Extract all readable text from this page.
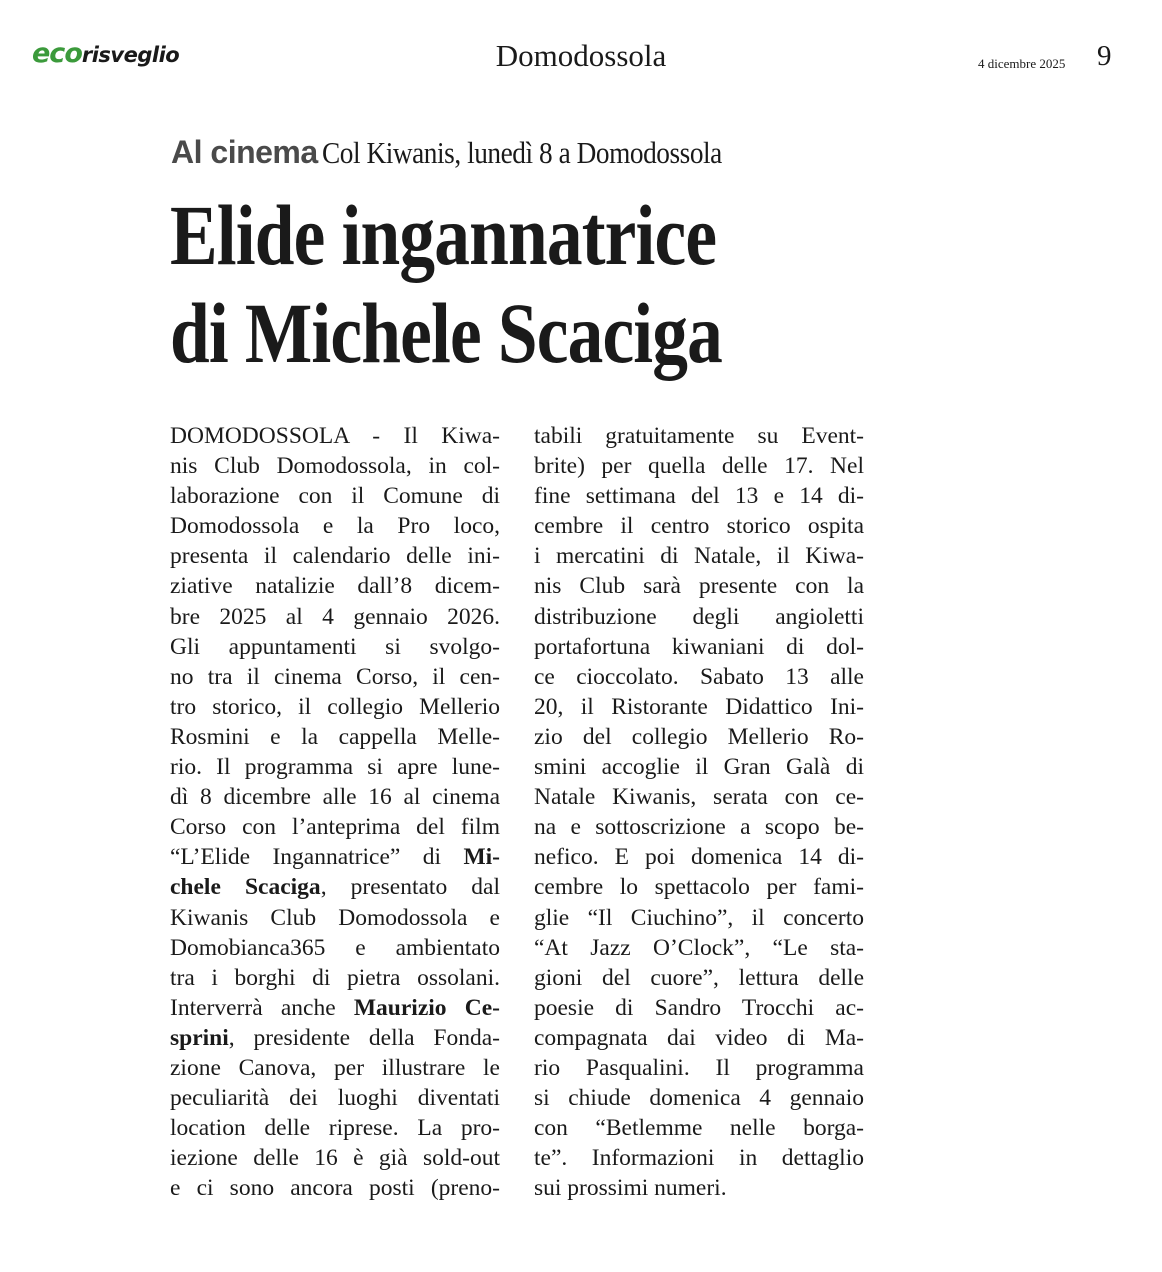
ecorisveglio	Domodossola	4 dicembre 2025 9
Al cinema Col Kiwanis, lunedì 8 a Domodossola
Elide ingannatrice
di Michele Scaciga
DOMODOSSOLA - Il Kiwa-
nis Club Domodossola, in col-
laborazione con il Comune di
Domodossola e la Pro loco,
presenta il calendario delle ini-
ziative natalizie dall’8 dicem-
bre 2025 al 4 gennaio 2026.
Gli appuntamenti si svolgo-
no tra il cinema Corso, il cen-
tro storico, il collegio Mellerio
Rosmini e la cappella Melle-
rio. Il programma si apre lune-
dì 8 dicembre alle 16 al cinema
Corso con l’anteprima del film
“L’Elide Ingannatrice” di Mi-
chele Scaciga, presentato dal
Kiwanis Club Domodossola e
Domobianca365 e ambientato
tra i borghi di pietra ossolani.
Interverrà anche Maurizio Ce-
sprini, presidente della Fonda-
zione Canova, per illustrare le
peculiarità dei luoghi diventati
location delle riprese. La pro-
iezione delle 16 è già sold-out
e ci sono ancora posti (preno-
tabili gratuitamente su Event-
brite) per quella delle 17. Nel
fine settimana del 13 e 14 di-
cembre il centro storico ospita
i mercatini di Natale, il Kiwa-
nis Club sarà presente con la
distribuzione degli angioletti
portafortuna kiwaniani di dol-
ce cioccolato. Sabato 13 alle
20, il Ristorante Didattico Ini-
zio del collegio Mellerio Ro-
smini accoglie il Gran Galà di
Natale Kiwanis, serata con ce-
na e sottoscrizione a scopo be-
nefico. E poi domenica 14 di-
cembre lo spettacolo per fami-
glie “Il Ciuchino”, il concerto
“At Jazz O’Clock”, “Le sta-
gioni del cuore”, lettura delle
poesie di Sandro Trocchi ac-
compagnata dai video di Ma-
rio Pasqualini. Il programma
si chiude domenica 4 gennaio
con “Betlemme nelle borga-
te”. Informazioni in dettaglio
sui prossimi numeri.
